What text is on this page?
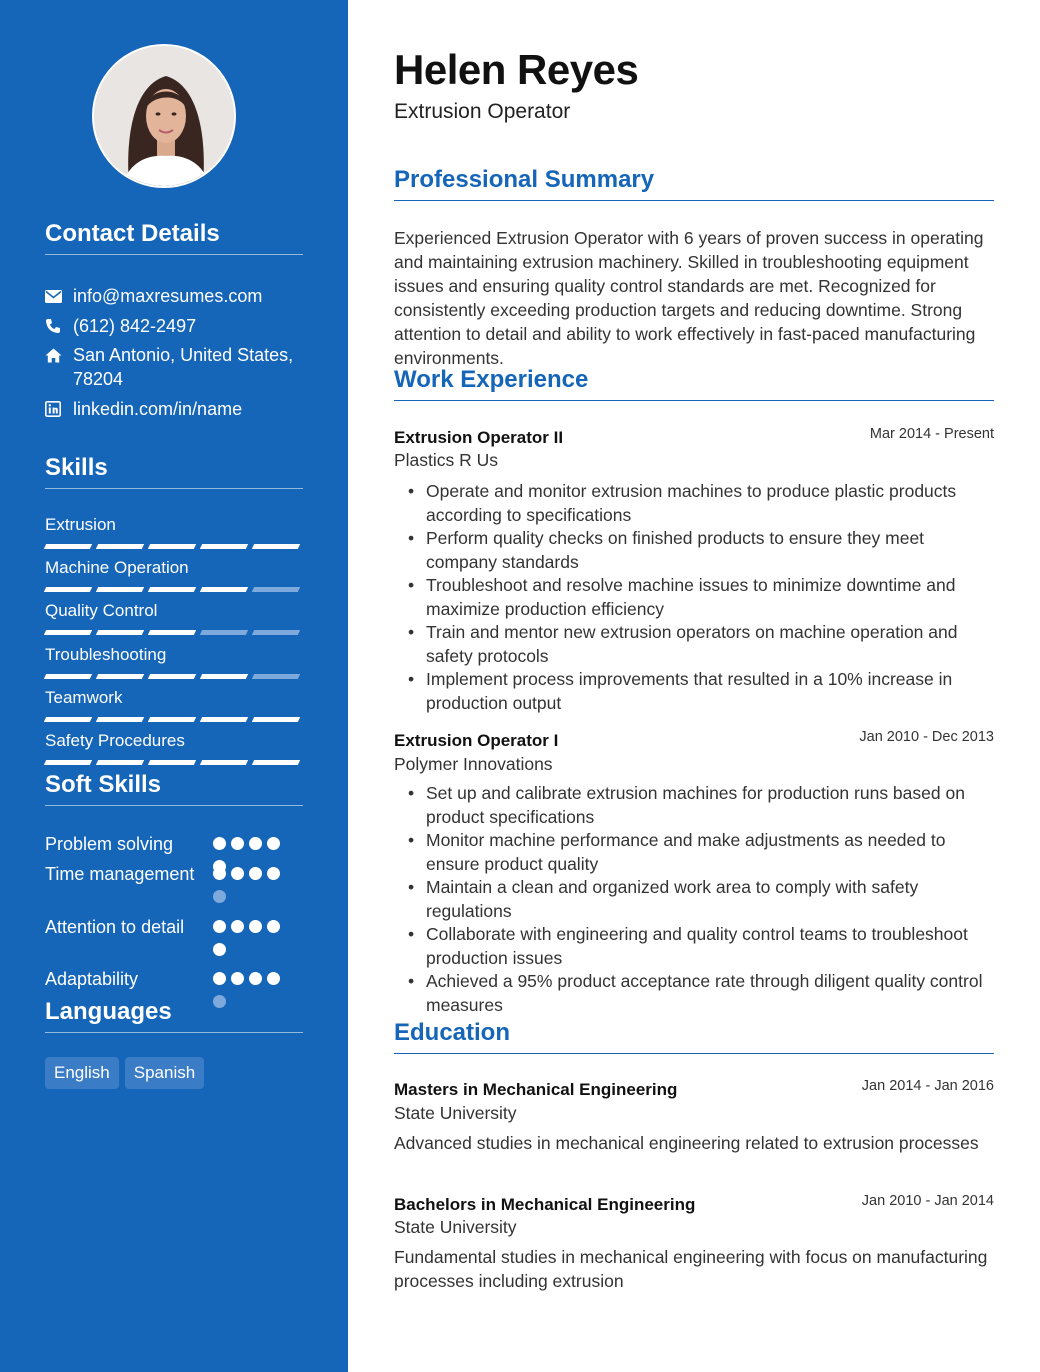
Contact Details
info@maxresumes.com
(612) 842-2497
San Antonio, United States, 78204
linkedin.com/in/name
Skills
Extrusion
Machine Operation
Quality Control
Troubleshooting
Teamwork
Safety Procedures
Soft Skills
Problem solving
Time management
Attention to detail
Adaptability
Languages
English	Spanish
Helen Reyes
Extrusion Operator
Professional Summary
Experienced Extrusion Operator with 6 years of proven success in operating and maintaining extrusion machinery. Skilled in troubleshooting equipment issues and ensuring quality control standards are met. Recognized for consistently exceeding production targets and reducing downtime. Strong attention to detail and ability to work effectively in fast-paced manufacturing environments.
Work Experience
Extrusion Operator II	Mar 2014 - Present
Plastics R Us
• Operate and monitor extrusion machines to produce plastic products according to specifications
• Perform quality checks on finished products to ensure they meet company standards
• Troubleshoot and resolve machine issues to minimize downtime and maximize production efficiency
• Train and mentor new extrusion operators on machine operation and safety protocols
• Implement process improvements that resulted in a 10% increase in production output
Extrusion Operator I	Jan 2010 - Dec 2013
Polymer Innovations
• Set up and calibrate extrusion machines for production runs based on product specifications
• Monitor machine performance and make adjustments as needed to ensure product quality
• Maintain a clean and organized work area to comply with safety regulations
• Collaborate with engineering and quality control teams to troubleshoot production issues
• Achieved a 95% product acceptance rate through diligent quality control measures
Education
Masters in Mechanical Engineering	Jan 2014 - Jan 2016
State University
Advanced studies in mechanical engineering related to extrusion processes
Bachelors in Mechanical Engineering	Jan 2010 - Jan 2014
State University
Fundamental studies in mechanical engineering with focus on manufacturing processes including extrusion
